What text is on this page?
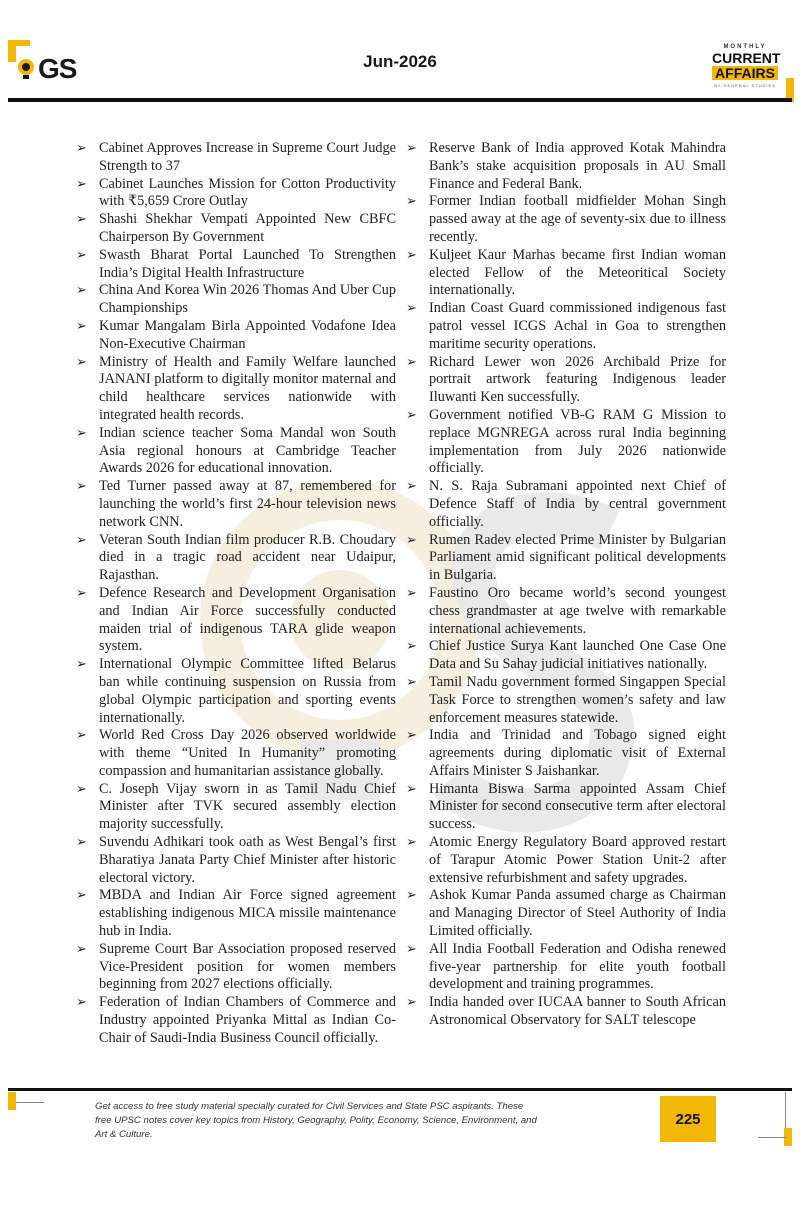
GS	Jun-2026
MONTHLY
CURRENT
AFFAIRS
BY-GENERAL STUDIES
➢ Cabinet Approves Increase in Supreme Court Judge Strength to 37
➢ Cabinet Launches Mission for Cotton Productivity with ₹5,659 Crore Outlay
➢ Shashi Shekhar Vempati Appointed New CBFC Chairperson By Government
➢ Swasth Bharat Portal Launched To Strengthen India’s Digital Health Infrastructure
➢ China And Korea Win 2026 Thomas And Uber Cup Championships
➢ Kumar Mangalam Birla Appointed Vodafone Idea Non-Executive Chairman
➢ Ministry of Health and Family Welfare launched JANANI platform to digitally monitor maternal and child healthcare services nationwide with integrated health records.
➢ Indian science teacher Soma Mandal won South Asia regional honours at Cambridge Teacher Awards 2026 for educational innovation.
➢ Ted Turner passed away at 87, remembered for launching the world’s first 24-hour television news network CNN.
➢ Veteran South Indian film producer R.B. Choudary died in a tragic road accident near Udaipur, Rajasthan.
➢ Defence Research and Development Organisation and Indian Air Force successfully conducted maiden trial of indigenous TARA glide weapon system.
➢ International Olympic Committee lifted Belarus ban while continuing suspension on Russia from global Olympic participation and sporting events internationally.
➢ World Red Cross Day 2026 observed worldwide with theme “United In Humanity” promoting compassion and humanitarian assistance globally.
➢ C. Joseph Vijay sworn in as Tamil Nadu Chief Minister after TVK secured assembly election majority successfully.
➢ Suvendu Adhikari took oath as West Bengal’s first Bharatiya Janata Party Chief Minister after historic electoral victory.
➢ MBDA and Indian Air Force signed agreement establishing indigenous MICA missile maintenance hub in India.
➢ Supreme Court Bar Association proposed reserved Vice-President position for women members beginning from 2027 elections officially.
➢ Federation of Indian Chambers of Commerce and Industry appointed Priyanka Mittal as Indian Co-Chair of Saudi-India Business Council officially.
➢ Reserve Bank of India approved Kotak Mahindra Bank’s stake acquisition proposals in AU Small Finance and Federal Bank.
➢ Former Indian football midfielder Mohan Singh passed away at the age of seventy-six due to illness recently.
➢ Kuljeet Kaur Marhas became first Indian woman elected Fellow of the Meteoritical Society internationally.
➢ Indian Coast Guard commissioned indigenous fast patrol vessel ICGS Achal in Goa to strengthen maritime security operations.
➢ Richard Lewer won 2026 Archibald Prize for portrait artwork featuring Indigenous leader Iluwanti Ken successfully.
➢ Government notified VB-G RAM G Mission to replace MGNREGA across rural India beginning implementation from July 2026 nationwide officially.
➢ N. S. Raja Subramani appointed next Chief of Defence Staff of India by central government officially.
➢ Rumen Radev elected Prime Minister by Bulgarian Parliament amid significant political developments in Bulgaria.
➢ Faustino Oro became world’s second youngest chess grandmaster at age twelve with remarkable international achievements.
➢ Chief Justice Surya Kant launched One Case One Data and Su Sahay judicial initiatives nationally.
➢ Tamil Nadu government formed Singappen Special Task Force to strengthen women’s safety and law enforcement measures statewide.
➢ India and Trinidad and Tobago signed eight agreements during diplomatic visit of External Affairs Minister S Jaishankar.
➢ Himanta Biswa Sarma appointed Assam Chief Minister for second consecutive term after electoral success.
➢ Atomic Energy Regulatory Board approved restart of Tarapur Atomic Power Station Unit-2 after extensive refurbishment and safety upgrades.
➢ Ashok Kumar Panda assumed charge as Chairman and Managing Director of Steel Authority of India Limited officially.
➢ All India Football Federation and Odisha renewed five-year partnership for elite youth football development and training programmes.
➢ India handed over IUCAA banner to South African Astronomical Observatory for SALT telescope
Get access to free study material specially curated for Civil Services and State PSC aspirants. These free UPSC notes cover key topics from History, Geography, Polity, Economy, Science, Environment, and Art & Culture.
225
